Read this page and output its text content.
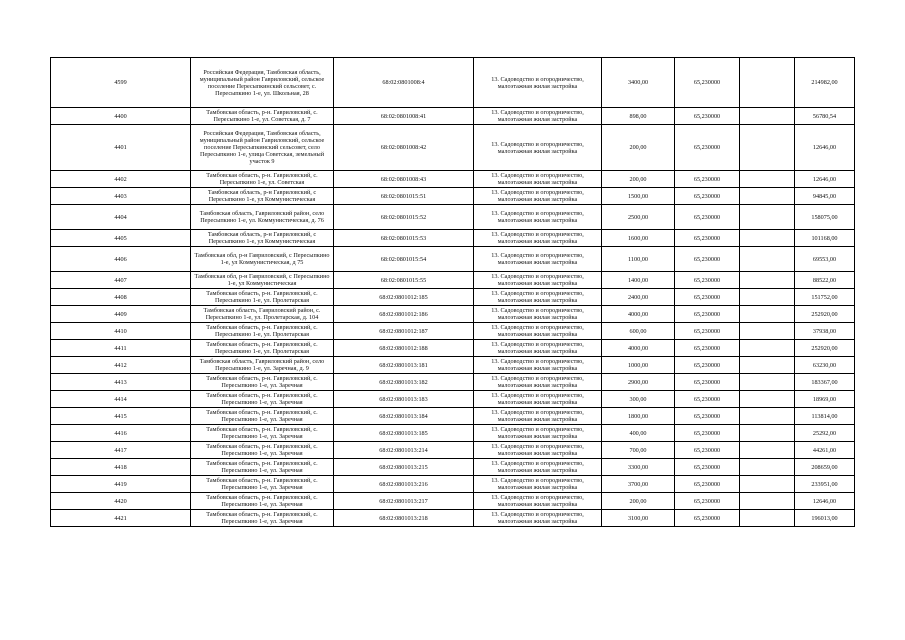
4599	Российская Федерация, Тамбовская область, муниципальный район Гавриловский, сельское поселение Пересыпкинский сельсовет, с. Пересыпкино 1-е, ул. Школьная, 28	68:02:0801008:4	13. Садоводство и огородничество, малоэтажная жилая застройка	3400,00	65,230000		214982,00
4400	Тамбовская область, р-н. Гавриловский, с. Пересыпкино 1-е, ул. Советская, д. 7	68:02:0801008:41	13. Садоводство и огородничество, малоэтажная жилая застройка	898,00	65,230000		56780,54
4401	Российская Федерация, Тамбовская область, муниципальный район Гавриловский, сельское поселение Пересыпкинский сельсовет, село Пересыпкино 1-е, улица Советская, земельный участок 9	68:02:0801008:42	13. Садоводство и огородничество, малоэтажная жилая застройка	200,00	65,230000		12646,00
4402	Тамбовская область, р-н. Гавриловский, с. Пересыпкино 1-е, ул. Советская	68:02:0801008:43	13. Садоводство и огородничество, малоэтажная жилая застройка	200,00	65,230000		12646,00
4403	Тамбовская область, р-н Гавриловский, с Пересыпкино 1-е, ул Коммунистическая	68:02:0801015:51	13. Садоводство и огородничество, малоэтажная жилая застройка	1500,00	65,230000		94845,00
4404	Тамбовская область, Гавриловский район, село Пересыпкино 1-е, ул. Коммунистическая, д. 76	68:02:0801015:52	13. Садоводство и огородничество, малоэтажная жилая застройка	2500,00	65,230000		158075,00
4405	Тамбовская область, р-н Гавриловский, с Пересыпкино 1-е, ул Коммунистическая	68:02:0801015:53	13. Садоводство и огородничество, малоэтажная жилая застройка	1600,00	65,230000		101168,00
4406	Тамбовская обл, р-н Гавриловский, с Пересыпкино 1-е, ул Коммунистическая, д 75	68:02:0801015:54	13. Садоводство и огородничество, малоэтажная жилая застройка	1100,00	65,230000		69553,00
4407	Тамбовская обл, р-н Гавриловский, с Пересыпкино 1-е, ул Коммунистическая	68:02:0801015:55	13. Садоводство и огородничество, малоэтажная жилая застройка	1400,00	65,230000		88522,00
4408	Тамбовская область, р-н. Гавриловский, с. Пересыпкино 1-е, ул. Пролетарская	68:02:0801012:185	13. Садоводство и огородничество, малоэтажная жилая застройка	2400,00	65,230000		151752,00
4409	Тамбовская область, Гавриловский район, с. Пересыпкино 1-е, ул. Пролетарская, д. 104	68:02:0801012:186	13. Садоводство и огородничество, малоэтажная жилая застройка	4000,00	65,230000		252920,00
4410	Тамбовская область, р-н. Гавриловский, с. Пересыпкино 1-е, ул. Пролетарская	68:02:0801012:187	13. Садоводство и огородничество, малоэтажная жилая застройка	600,00	65,230000		37938,00
4411	Тамбовская область, р-н. Гавриловский, с. Пересыпкино 1-е, ул. Пролетарская	68:02:0801012:188	13. Садоводство и огородничество, малоэтажная жилая застройка	4000,00	65,230000		252920,00
4412	Тамбовская область, Гавриловский район, село Пересыпкино 1-е, ул. Заречная, д. 9	68:02:0801013:181	13. Садоводство и огородничество, малоэтажная жилая застройка	1000,00	65,230000		63230,00
4413	Тамбовская область, р-н. Гавриловский, с. Пересыпкино 1-е, ул. Заречная	68:02:0801013:182	13. Садоводство и огородничество, малоэтажная жилая застройка	2900,00	65,230000		183367,00
4414	Тамбовская область, р-н. Гавриловский, с. Пересыпкино 1-е, ул. Заречная	68:02:0801013:183	13. Садоводство и огородничество, малоэтажная жилая застройка	300,00	65,230000		18969,00
4415	Тамбовская область, р-н. Гавриловский, с. Пересыпкино 1-е, ул. Заречная	68:02:0801013:184	13. Садоводство и огородничество, малоэтажная жилая застройка	1800,00	65,230000		113814,00
4416	Тамбовская область, р-н. Гавриловский, с. Пересыпкино 1-е, ул. Заречная	68:02:0801013:185	13. Садоводство и огородничество, малоэтажная жилая застройка	400,00	65,230000		25292,00
4417	Тамбовская область, р-н. Гавриловский, с. Пересыпкино 1-е, ул. Заречная	68:02:0801013:214	13. Садоводство и огородничество, малоэтажная жилая застройка	700,00	65,230000		44261,00
4418	Тамбовская область, р-н. Гавриловский, с. Пересыпкино 1-е, ул. Заречная	68:02:0801013:215	13. Садоводство и огородничество, малоэтажная жилая застройка	3300,00	65,230000		208659,00
4419	Тамбовская область, р-н. Гавриловский, с. Пересыпкино 1-е, ул. Заречная	68:02:0801013:216	13. Садоводство и огородничество, малоэтажная жилая застройка	3700,00	65,230000		233951,00
4420	Тамбовская область, р-н. Гавриловский, с. Пересыпкино 1-е, ул. Заречная	68:02:0801013:217	13. Садоводство и огородничество, малоэтажная жилая застройка	200,00	65,230000		12646,00
4421	Тамбовская область, р-н. Гавриловский, с. Пересыпкино 1-е, ул. Заречная	68:02:0801013:218	13. Садоводство и огородничество, малоэтажная жилая застройка	3100,00	65,230000		196013,00
